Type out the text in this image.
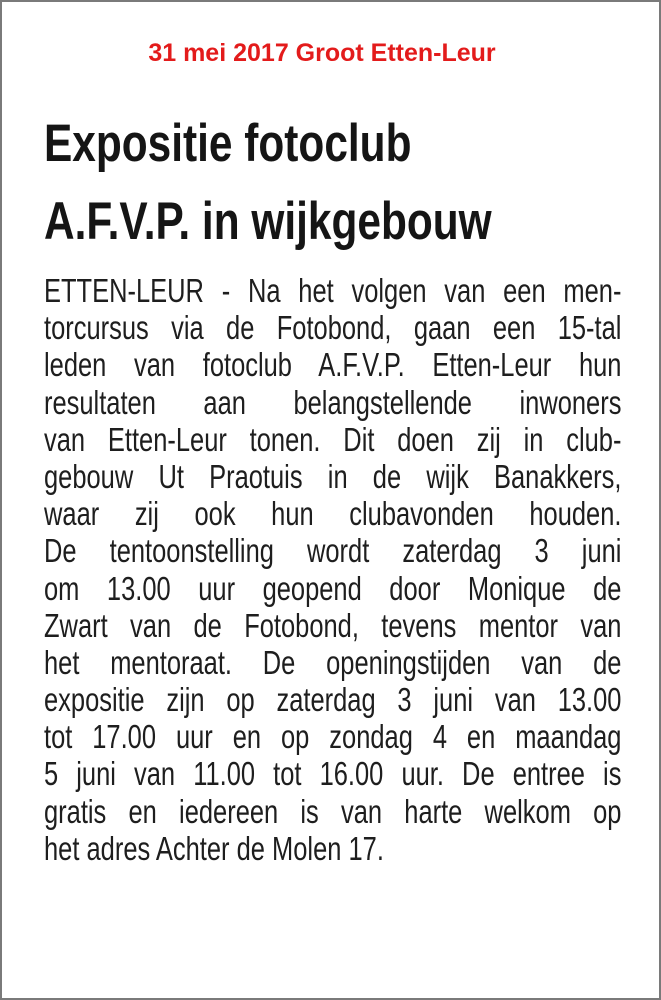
31 mei 2017 Groot Etten-Leur
Expositie fotoclub
A.F.V.P. in wijkgebouw
ETTEN-LEUR - Na het volgen van een men-
torcursus via de Fotobond, gaan een 15-tal
leden van fotoclub A.F.V.P. Etten-Leur hun
resultaten aan belangstellende inwoners
van Etten-Leur tonen. Dit doen zij in club-
gebouw Ut Praotuis in de wijk Banakkers,
waar zij ook hun clubavonden houden.
De tentoonstelling wordt zaterdag 3 juni
om 13.00 uur geopend door Monique de
Zwart van de Fotobond, tevens mentor van
het mentoraat. De openingstijden van de
expositie zijn op zaterdag 3 juni van 13.00
tot 17.00 uur en op zondag 4 en maandag
5 juni van 11.00 tot 16.00 uur. De entree is
gratis en iedereen is van harte welkom op
het adres Achter de Molen 17.
